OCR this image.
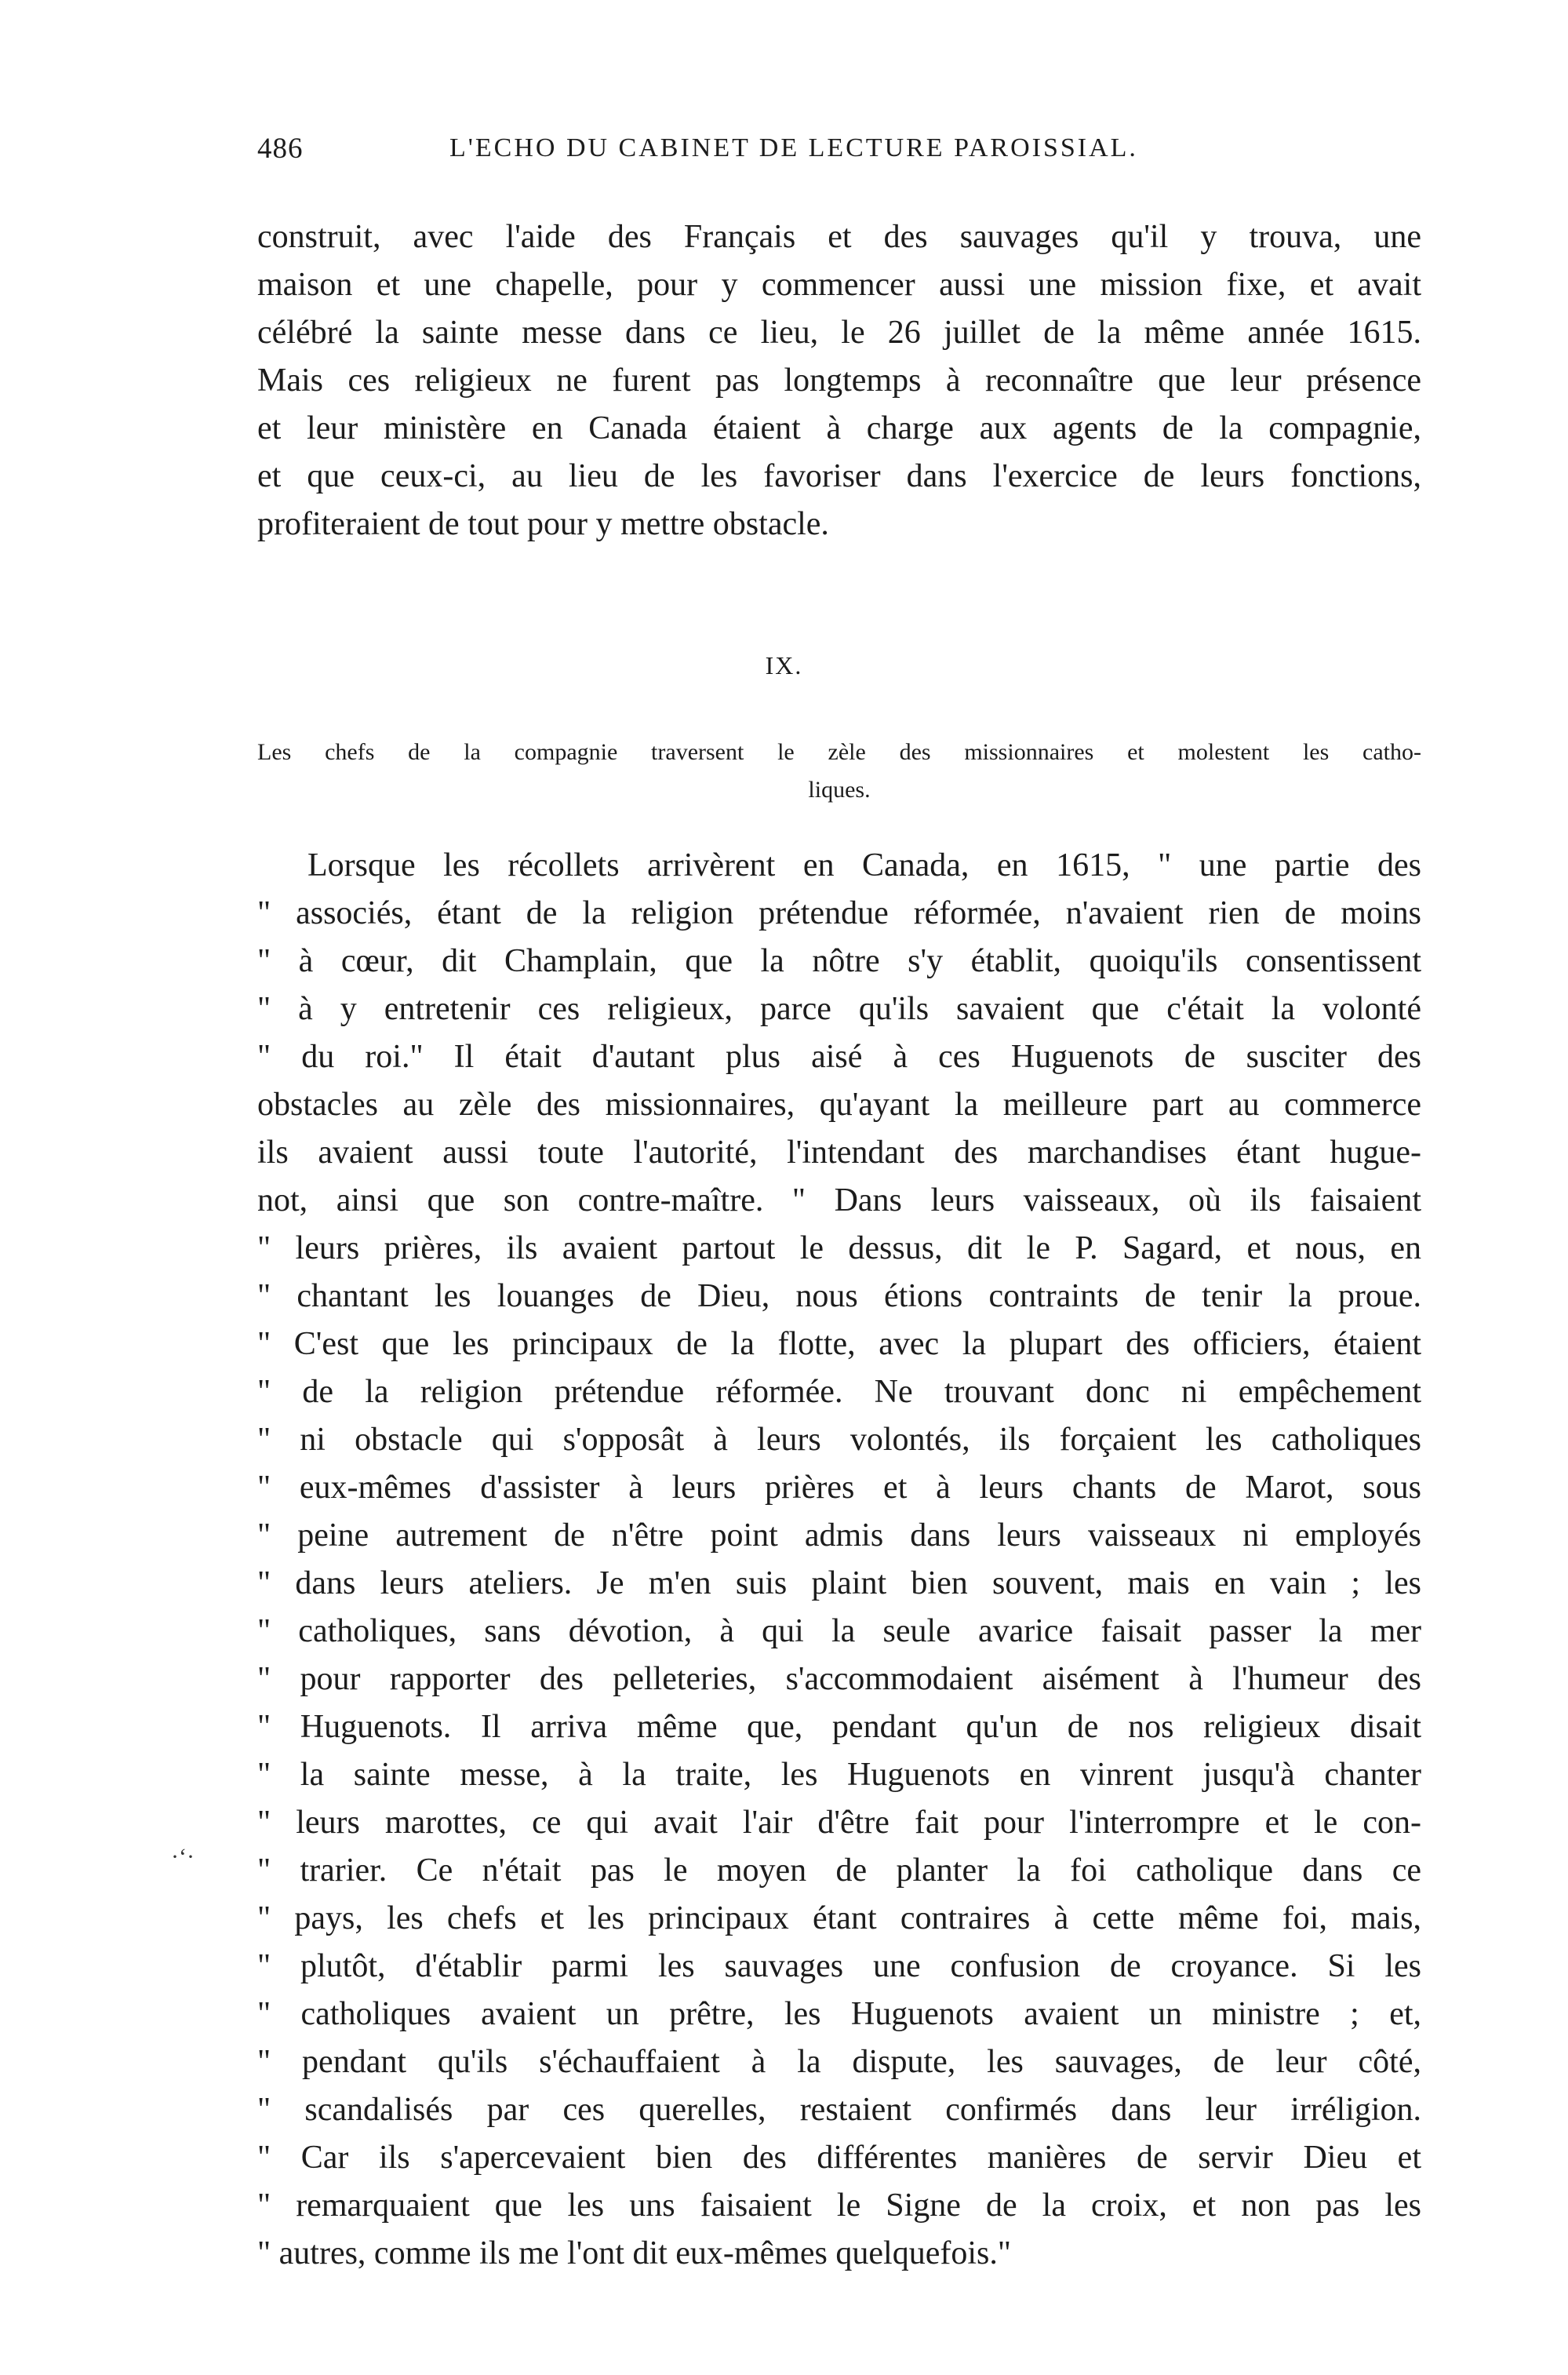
486	L'ECHO DU CABINET DE LECTURE PAROISSIAL.
construit, avec l'aide des Français et des sauvages qu'il y trouva, une
maison et une chapelle, pour y commencer aussi une mission fixe, et avait
célébré la sainte messe dans ce lieu, le 26 juillet de la même année 1615.
Mais ces religieux ne furent pas longtemps à reconnaître que leur présence
et leur ministère en Canada étaient à charge aux agents de la compagnie,
et que ceux-ci, au lieu de les favoriser dans l'exercice de leurs fonctions,
profiteraient de tout pour y mettre obstacle.
IX.
Les chefs de la compagnie traversent le zèle des missionnaires et molestent les catho-
liques.
Lorsque les récollets arrivèrent en Canada, en 1615, " une partie des
" associés, étant de la religion prétendue réformée, n'avaient rien de moins
" à cœur, dit Champlain, que la nôtre s'y établit, quoiqu'ils consentissent
" à y entretenir ces religieux, parce qu'ils savaient que c'était la volonté
" du roi." Il était d'autant plus aisé à ces Huguenots de susciter des
obstacles au zèle des missionnaires, qu'ayant la meilleure part au commerce
ils avaient aussi toute l'autorité, l'intendant des marchandises étant hugue-
not, ainsi que son contre-maître. " Dans leurs vaisseaux, où ils faisaient
" leurs prières, ils avaient partout le dessus, dit le P. Sagard, et nous, en
" chantant les louanges de Dieu, nous étions contraints de tenir la proue.
" C'est que les principaux de la flotte, avec la plupart des officiers, étaient
" de la religion prétendue réformée. Ne trouvant donc ni empêchement
" ni obstacle qui s'opposât à leurs volontés, ils forçaient les catholiques
" eux-mêmes d'assister à leurs prières et à leurs chants de Marot, sous
" peine autrement de n'être point admis dans leurs vaisseaux ni employés
" dans leurs ateliers. Je m'en suis plaint bien souvent, mais en vain ; les
" catholiques, sans dévotion, à qui la seule avarice faisait passer la mer
" pour rapporter des pelleteries, s'accommodaient aisément à l'humeur des
" Huguenots. Il arriva même que, pendant qu'un de nos religieux disait
" la sainte messe, à la traite, les Huguenots en vinrent jusqu'à chanter
" leurs marottes, ce qui avait l'air d'être fait pour l'interrompre et le con-
" trarier. Ce n'était pas le moyen de planter la foi catholique dans ce
" pays, les chefs et les principaux étant contraires à cette même foi, mais,
" plutôt, d'établir parmi les sauvages une confusion de croyance. Si les
" catholiques avaient un prêtre, les Huguenots avaient un ministre ; et,
" pendant qu'ils s'échauffaient à la dispute, les sauvages, de leur côté,
" scandalisés par ces querelles, restaient confirmés dans leur irréligion.
" Car ils s'apercevaient bien des différentes manières de servir Dieu et
" remarquaient que les uns faisaient le Signe de la croix, et non pas les
" autres, comme ils me l'ont dit eux-mêmes quelquefois."
·ʻ·
